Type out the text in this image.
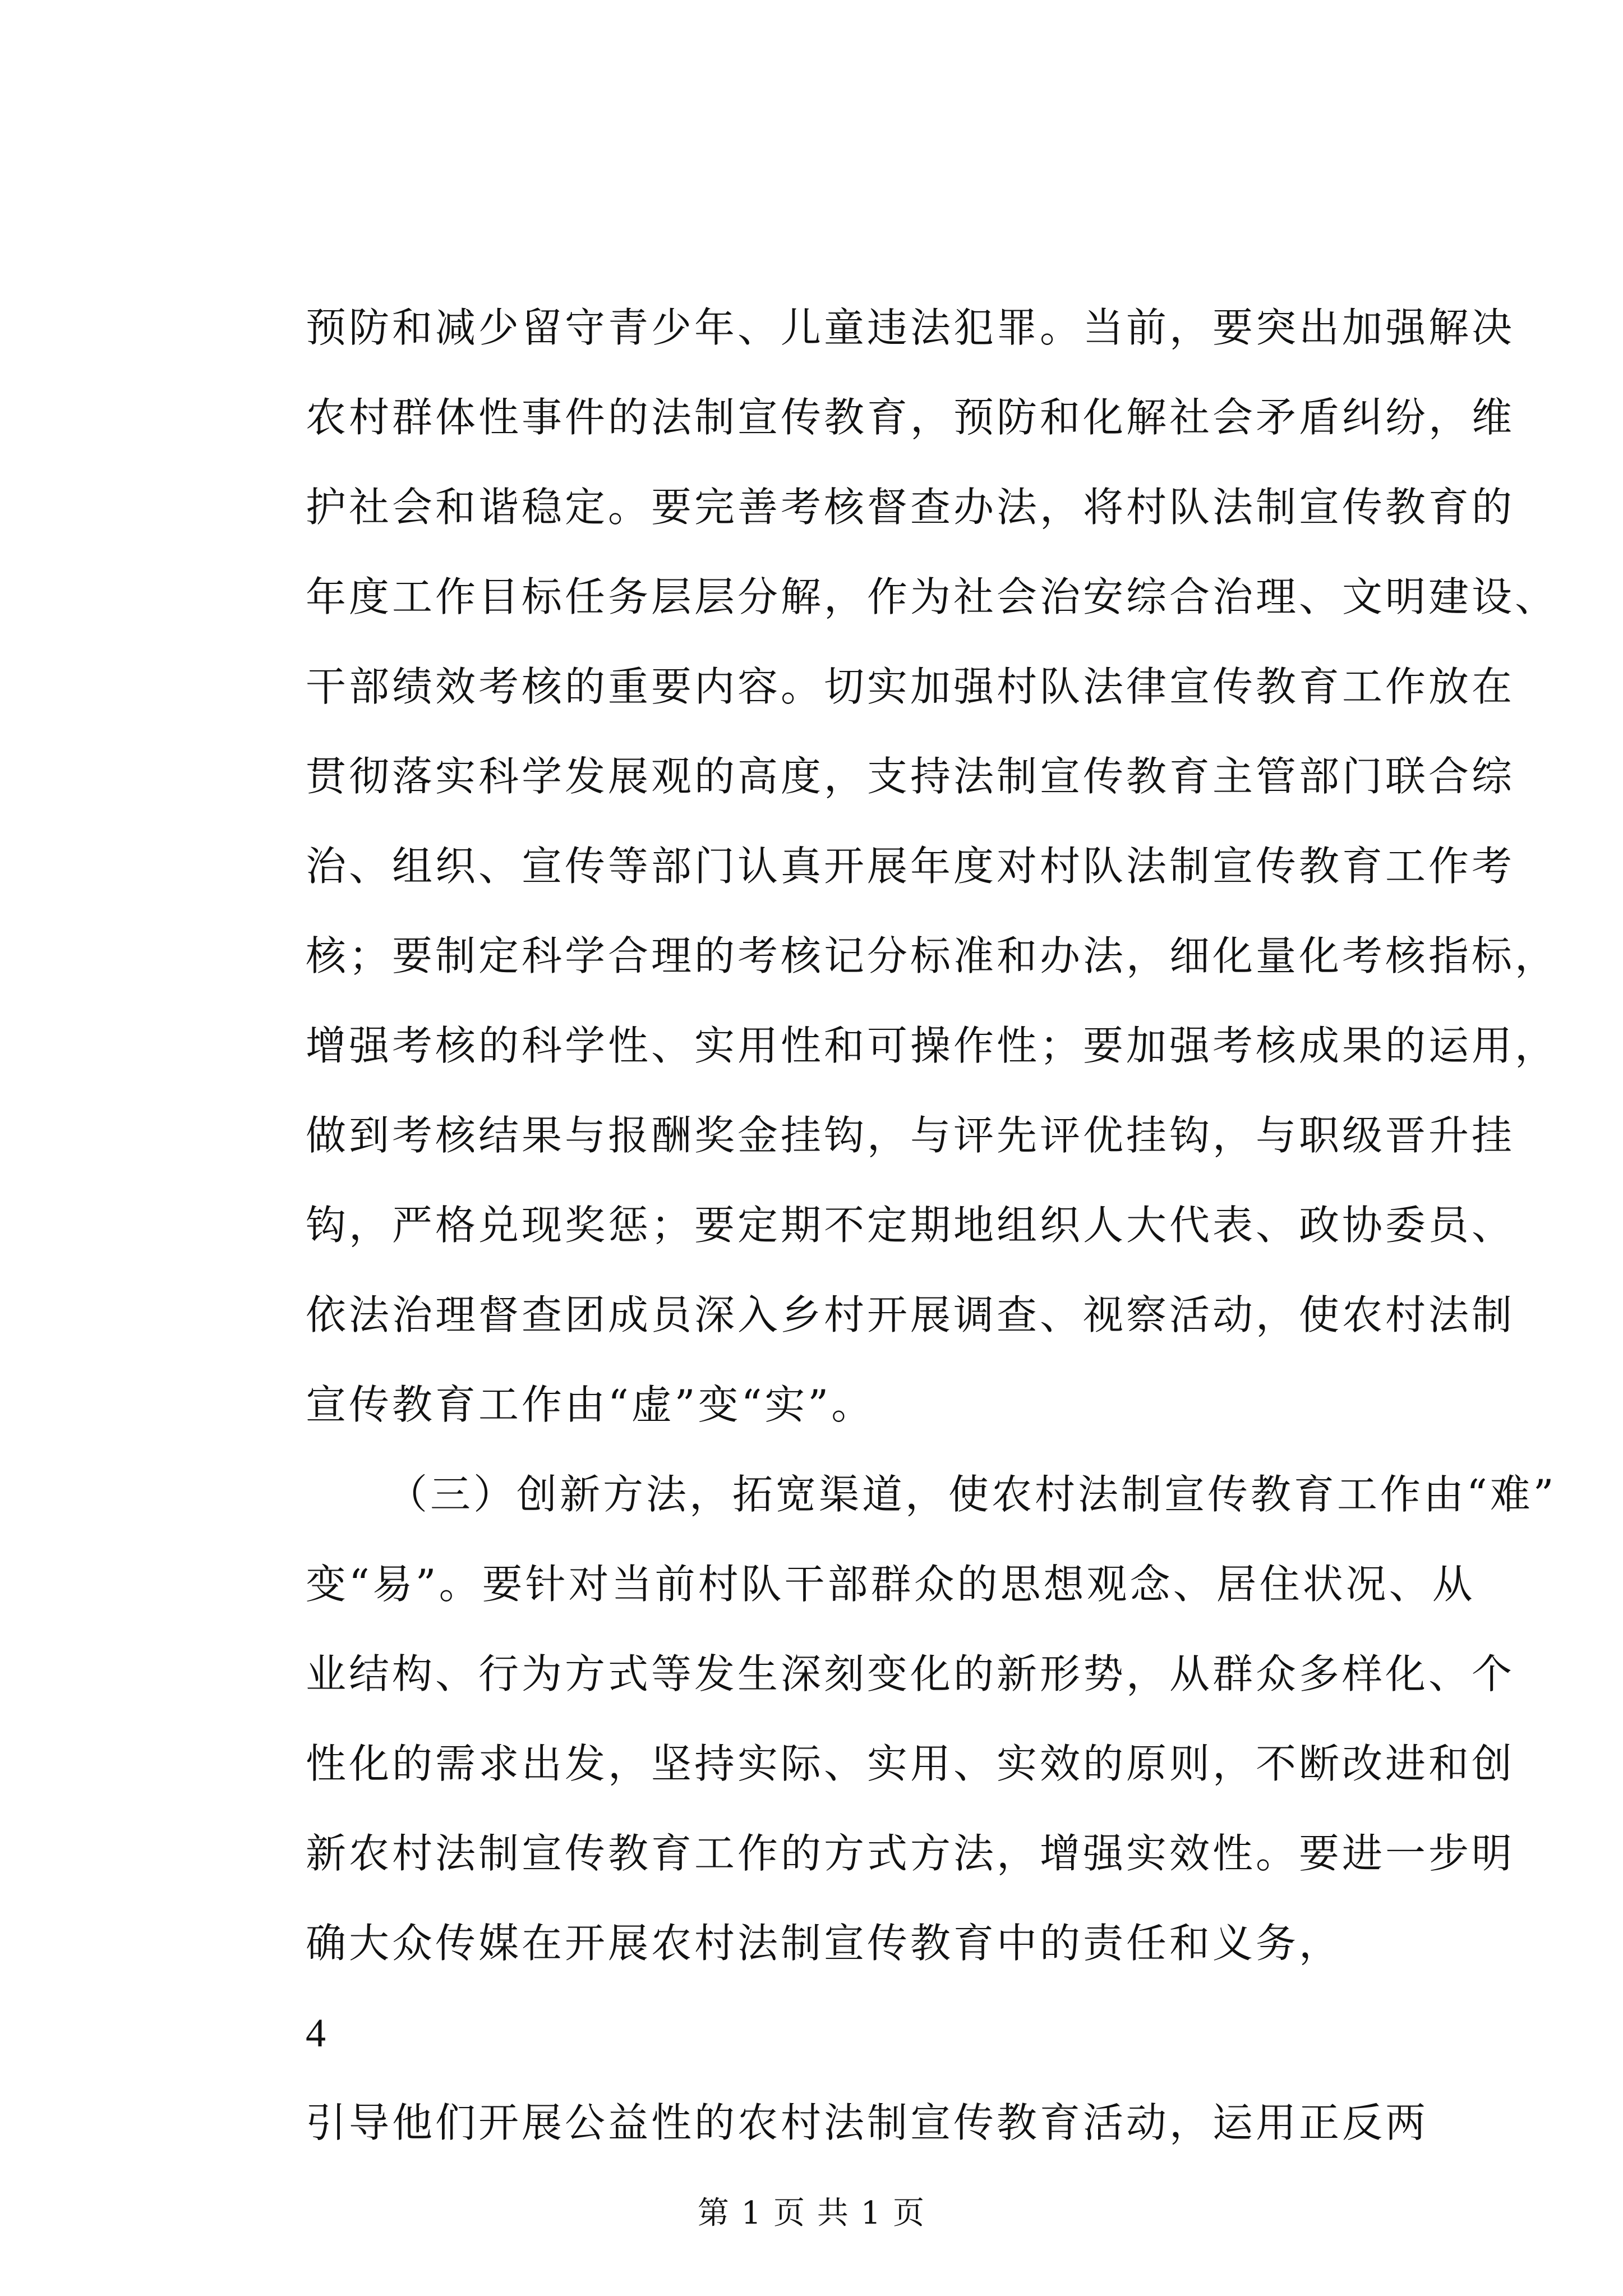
预防和减少留守青少年、儿童违法犯罪。当前，要突出加强解决
农村群体性事件的法制宣传教育，预防和化解社会矛盾纠纷，维
护社会和谐稳定。要完善考核督查办法，将村队法制宣传教育的
年度工作目标任务层层分解，作为社会治安综合治理、文明建设、
干部绩效考核的重要内容。切实加强村队法律宣传教育工作放在
贯彻落实科学发展观的高度，支持法制宣传教育主管部门联合综
治、组织、宣传等部门认真开展年度对村队法制宣传教育工作考
核；要制定科学合理的考核记分标准和办法，细化量化考核指标，
增强考核的科学性、实用性和可操作性；要加强考核成果的运用，
做到考核结果与报酬奖金挂钩，与评先评优挂钩，与职级晋升挂
钩，严格兑现奖惩；要定期不定期地组织人大代表、政协委员、
依法治理督查团成员深入乡村开展调查、视察活动，使农村法制
宣传教育工作由“虚”变“实”。
（三）创新方法，拓宽渠道，使农村法制宣传教育工作由“难”
变“易”。要针对当前村队干部群众的思想观念、居住状况、从
业结构、行为方式等发生深刻变化的新形势，从群众多样化、个
性化的需求出发，坚持实际、实用、实效的原则，不断改进和创
新农村法制宣传教育工作的方式方法，增强实效性。要进一步明
确大众传媒在开展农村法制宣传教育中的责任和义务，
4
引导他们开展公益性的农村法制宣传教育活动，运用正反两
第 1 页 共 1 页
